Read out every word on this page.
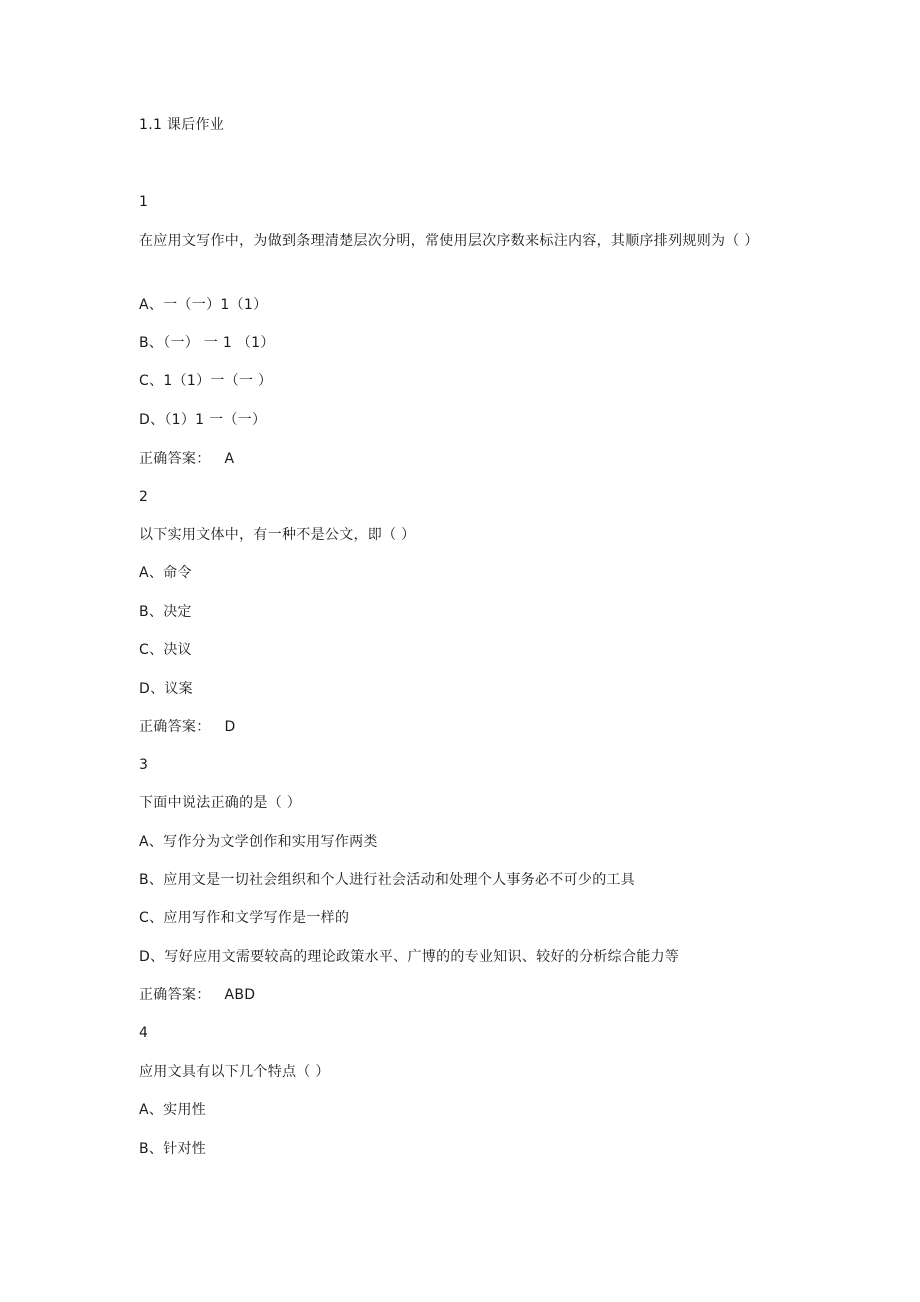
1.1 课后作业
1
在应用文写作中，为做到条理清楚层次分明，常使用层次序数来标注内容，其顺序排列规则为（ ）
A、一（一）1（1）
B、（一） 一 1 （1）
C、1（1）一（一 ）
D、（1）1 一（一）
正确答案： A
2
以下实用文体中，有一种不是公文，即（ ）
A、命令
B、决定
C、决议
D、议案
正确答案： D
3
下面中说法正确的是（ ）
A、写作分为文学创作和实用写作两类
B、应用文是一切社会组织和个人进行社会活动和处理个人事务必不可少的工具
C、应用写作和文学写作是一样的
D、写好应用文需要较高的理论政策水平、广博的的专业知识、较好的分析综合能力等
正确答案： ABD
4
应用文具有以下几个特点（ ）
A、实用性
B、针对性
